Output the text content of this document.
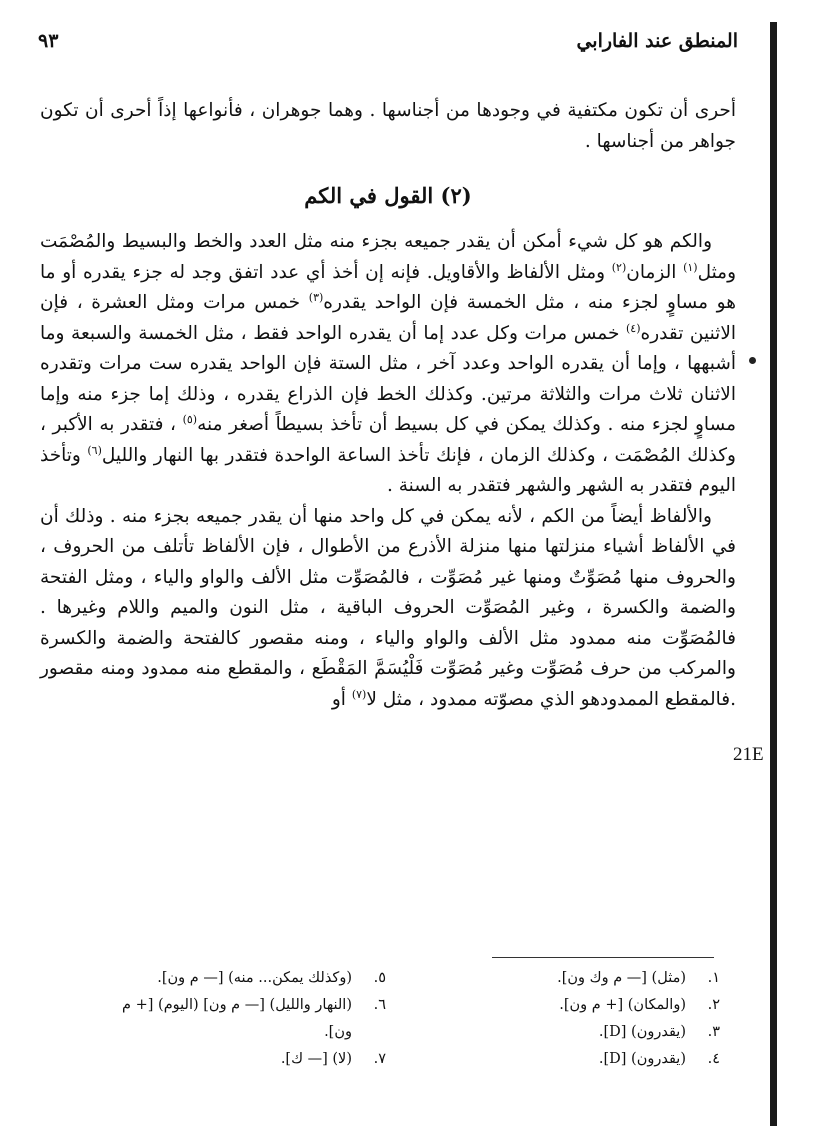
المنطق عند الفارابي
٩٣
21E

أحرى أن تكون مكتفية في وجودها من أجناسها . وهما جوهران ، فأنواعها إذاً أحرى أن تكون جواهر من أجناسها .

(٢) القول في الكم

والكم هو كل شيء أمكن أن يقدر جميعه بجزء منه مثل العدد والخط والبسيط والمُصْمَت ومثل$^{(١)}$ الزمان$^{(٢)}$ ومثل الألفاظ والأقاويل. فإنه إن أخذ أي عدد اتفق وجد له جزء يقدره أو ما هو مساوٍ لجزء منه ، مثل الخمسة فإن الواحد يقدره$^{(٣)}$ خمس مرات ومثل العشرة ، فإن الاثنين تقدره$^{(٤)}$ خمس مرات وكل عدد إما أن يقدره الواحد فقط ، مثل الخمسة والسبعة وما أشبهها ، وإما أن يقدره الواحد وعدد آخر ، مثل الستة فإن الواحد يقدره ست مرات وتقدره الاثنان ثلاث مرات والثلاثة مرتين. وكذلك الخط فإن الذراع يقدره ، وذلك إما جزء منه وإما مساوٍ لجزء منه . وكذلك يمكن في كل بسيط أن تأخذ بسيطاً أصغر منه$^{(٥)}$ ، فتقدر به الأكبر ، وكذلك المُصْمَت ، وكذلك الزمان ، فإنك تأخذ الساعة الواحدة فتقدر بها النهار والليل$^{(٦)}$ وتأخذ اليوم فتقدر به الشهر والشهر فتقدر به السنة .

والألفاظ أيضاً من الكم ، لأنه يمكن في كل واحد منها أن يقدر جميعه بجزء منه . وذلك أن في الألفاظ أشياء منزلتها منها منزلة الأذرع من الأطوال ، فإن الألفاظ تأتلف من الحروف ، والحروف منها مُصَوِّتٌ ومنها غير مُصَوِّت ، فالمُصَوِّت مثل الألف والواو والياء ، ومثل الفتحة والضمة والكسرة ، وغير المُصَوِّت الحروف الباقية ، مثل النون والميم واللام وغيرها . فالمُصَوِّت منه ممدود مثل الألف والواو والياء ، ومنه مقصور كالفتحة والضمة والكسرة والمركب من حرف مُصَوِّت وغير مُصَوِّت فَلْيُسَمَّ المَقْطَع ، والمقطع منه ممدود ومنه مقصور .فالمقطع الممدودهو الذي مصوّته ممدود ، مثل لا$^{(٧)}$ أو

١.
(مثل) [— م وك ون].
٢.
(والمكان) [+ م ون].
٣.
(يقدرون) [D].
٤.
(يقدرون) [D].
٥.
(وكذلك يمكن... منه) [— م ون].
٦.
(النهار والليل) [— م ون] (اليوم) [+ م ون].
٧.
(لا) [— ك].
